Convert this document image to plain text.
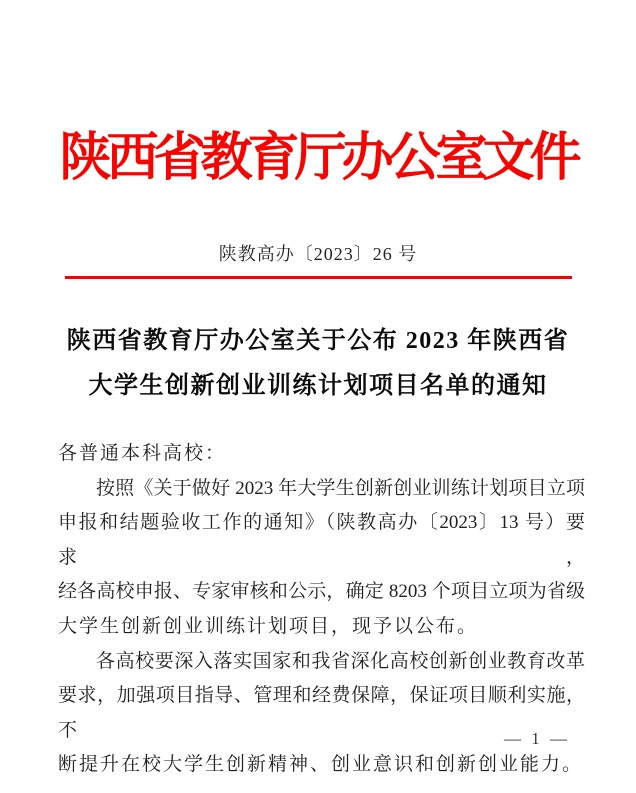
陕西省教育厅办公室文件
陕教高办〔2023〕26 号
陕西省教育厅办公室关于公布 2023 年陕西省
大学生创新创业训练计划项目名单的通知
各普通本科高校：
按照《关于做好 2023 年大学生创新创业训练计划项目立项
申报和结题验收工作的通知》（陕教高办〔2023〕13 号）要求，
经各高校申报、专家审核和公示，确定 8203 个项目立项为省级
大学生创新创业训练计划项目，现予以公布。
各高校要深入落实国家和我省深化高校创新创业教育改革
要求，加强项目指导、管理和经费保障，保证项目顺利实施，不
断提升在校大学生创新精神、创业意识和创新创业能力。
— 1 —
